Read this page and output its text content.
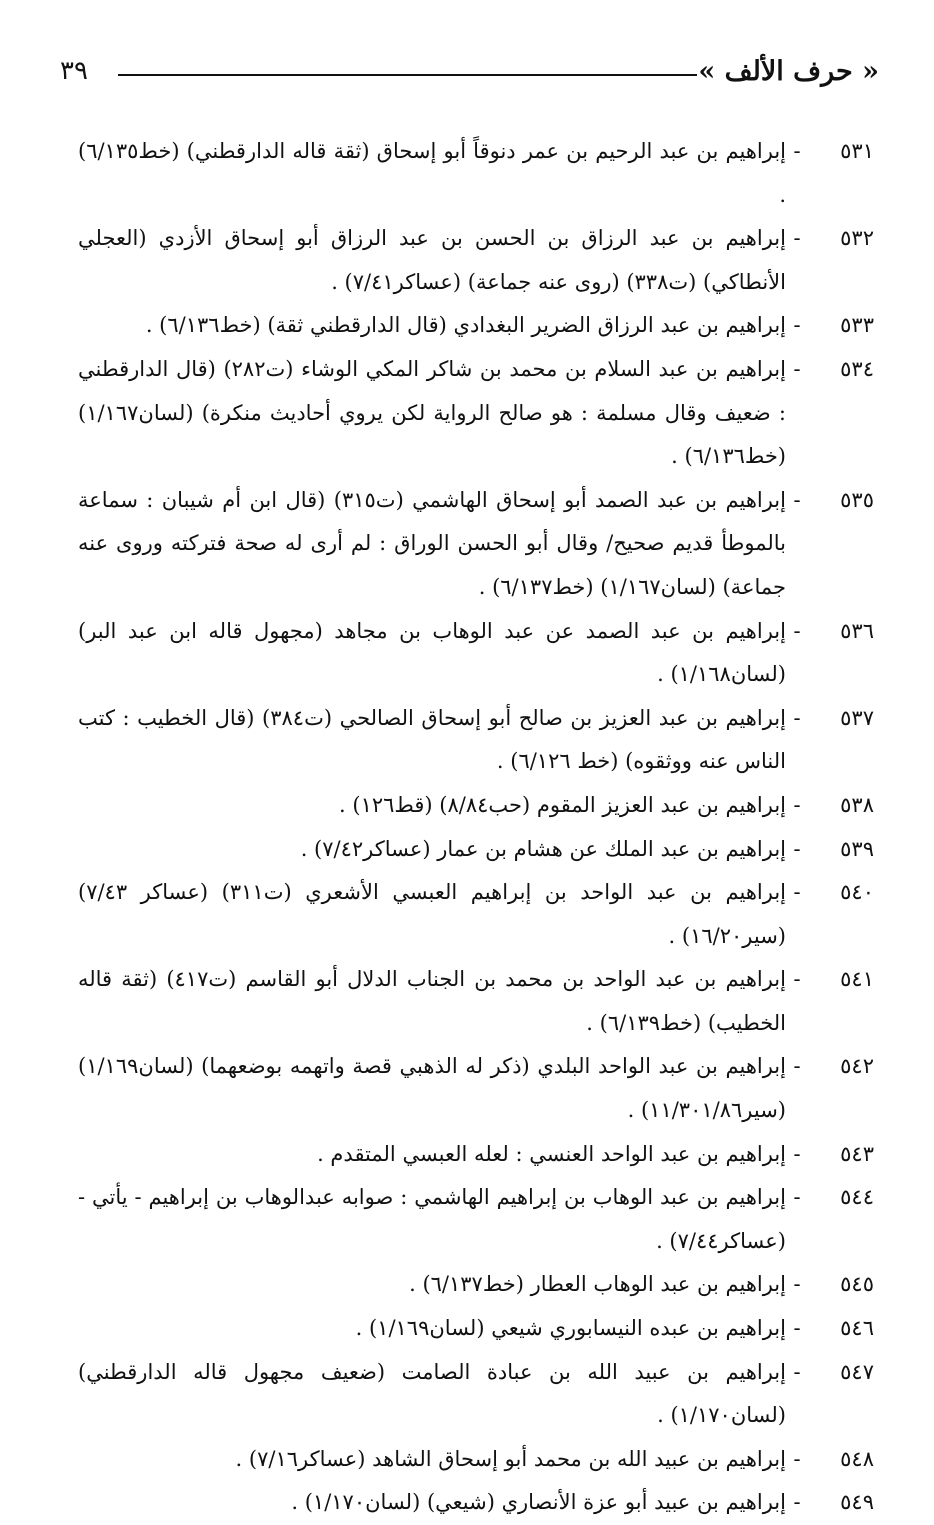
« حرف الألف »
٣٩
٥٣١
-
إبراهيم بن عبد الرحيم بن عمر دنوقاً أبو إسحاق (ثقة قاله الدارقطني) (خط٦/١٣٥) .
٥٣٢
-
إبراهيم بن عبد الرزاق بن الحسن بن عبد الرزاق أبو إسحاق الأزدي (العجلي الأنطاكي) (ت٣٣٨) (روى عنه جماعة) (عساكر٧/٤١) .
٥٣٣
-
إبراهيم بن عبد الرزاق الضرير البغدادي (قال الدارقطني ثقة) (خط٦/١٣٦) .
٥٣٤
-
إبراهيم بن عبد السلام بن محمد بن شاكر المكي الوشاء (ت٢٨٢) (قال الدارقطني : ضعيف وقال مسلمة : هو صالح الرواية لكن يروي أحاديث منكرة) (لسان١/١٦٧) (خط٦/١٣٦) .
٥٣٥
-
إبراهيم بن عبد الصمد أبو إسحاق الهاشمي (ت٣١٥) (قال ابن أم شيبان : سماعة بالموطأ قديم صحيح/ وقال أبو الحسن الوراق : لم أرى له صحة فتركته وروى عنه جماعة) (لسان١/١٦٧) (خط٦/١٣٧) .
٥٣٦
-
إبراهيم بن عبد الصمد عن عبد الوهاب بن مجاهد (مجهول قاله ابن عبد البر) (لسان١/١٦٨) .
٥٣٧
-
إبراهيم بن عبد العزيز بن صالح أبو إسحاق الصالحي (ت٣٨٤) (قال الخطيب : كتب الناس عنه ووثقوه) (خط ٦/١٢٦) .
٥٣٨
-
إبراهيم بن عبد العزيز المقوم (حب٨/٨٤) (قط١٢٦) .
٥٣٩
-
إبراهيم بن عبد الملك عن هشام بن عمار (عساكر٧/٤٢) .
٥٤٠
-
إبراهيم بن عبد الواحد بن إبراهيم العبسي الأشعري (ت٣١١) (عساكر ٧/٤٣) (سير١٦/٢٠) .
٥٤١
-
إبراهيم بن عبد الواحد بن محمد بن الجناب الدلال أبو القاسم (ت٤١٧) (ثقة قاله الخطيب) (خط٦/١٣٩) .
٥٤٢
-
إبراهيم بن عبد الواحد البلدي (ذكر له الذهبي قصة واتهمه بوضعهما) (لسان١/١٦٩) (سير١١/٣٠١/٨٦) .
٥٤٣
-
إبراهيم بن عبد الواحد العنسي : لعله العبسي المتقدم .
٥٤٤
-
إبراهيم بن عبد الوهاب بن إبراهيم الهاشمي : صوابه عبدالوهاب بن إبراهيم - يأتي - (عساكر٧/٤٤) .
٥٤٥
-
إبراهيم بن عبد الوهاب العطار (خط٦/١٣٧) .
٥٤٦
-
إبراهيم بن عبده النيسابوري شيعي (لسان١/١٦٩) .
٥٤٧
-
إبراهيم بن عبيد الله بن عبادة الصامت (ضعيف مجهول قاله الدارقطني) (لسان١/١٧٠) .
٥٤٨
-
إبراهيم بن عبيد الله بن محمد أبو إسحاق الشاهد (عساكر٧/١٦) .
٥٤٩
-
إبراهيم بن عبيد أبو عزة الأنصاري (شيعي) (لسان١/١٧٠) .
